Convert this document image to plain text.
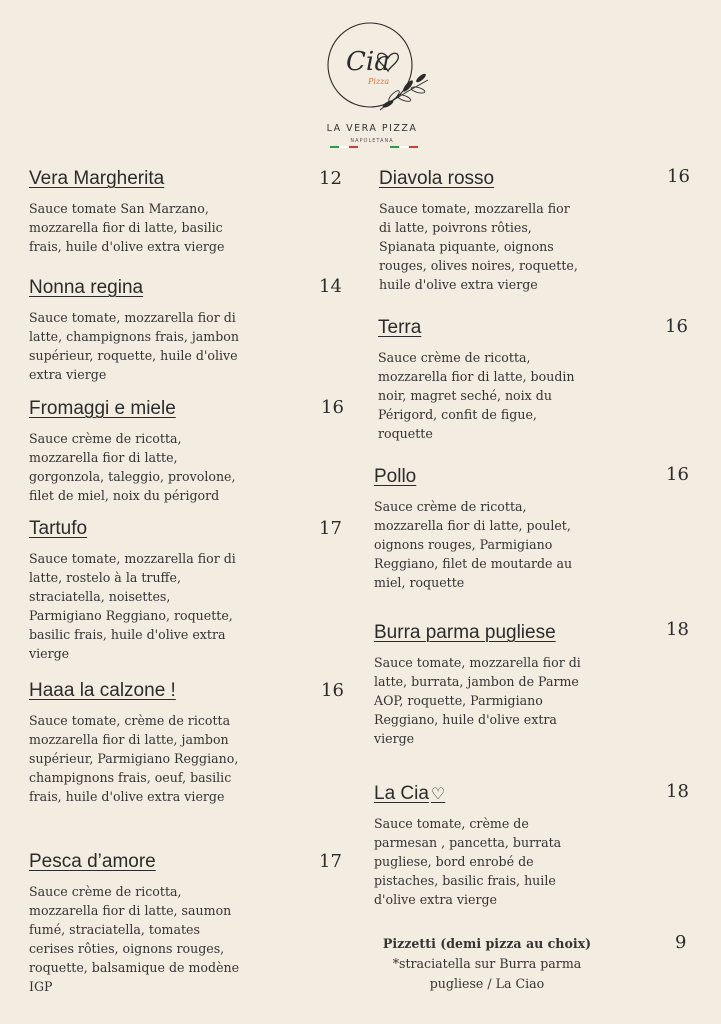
Cia
Pizza
LA VERA PIZZA
NAPOLETANA
Vera Margherita
Sauce tomate San Marzano, mozzarella fior di latte, basilic frais, huile d'olive extra vierge
12
Nonna regina
Sauce tomate, mozzarella fior di latte, champignons frais, jambon supérieur, roquette, huile d'olive extra vierge
14
Fromaggi e miele
Sauce crème de ricotta, mozzarella fior di latte, gorgonzola, taleggio, provolone, filet de miel, noix du périgord
16
Tartufo
Sauce tomate, mozzarella fior di latte, rostelo à la truffe, straciatella, noisettes, Parmigiano Reggiano, roquette, basilic frais, huile d'olive extra vierge
17
Haaa la calzone !
Sauce tomate, crème de ricotta mozzarella fior di latte, jambon supérieur, Parmigiano Reggiano, champignons frais, oeuf, basilic frais, huile d'olive extra vierge
16
Pesca d’amore
Sauce crème de ricotta, mozzarella fior di latte, saumon fumé, straciatella, tomates cerises rôties, oignons rouges, roquette, balsamique de modène IGP
17
Diavola rosso
Sauce tomate, mozzarella fior di latte, poivrons rôties, Spianata piquante, oignons rouges, olives noires, roquette, huile d'olive extra vierge
16
Terra
Sauce crème de ricotta, mozzarella fior di latte, boudin noir, magret seché, noix du Périgord, confit de figue, roquette
16
Pollo
Sauce crème de ricotta, mozzarella fior di latte, poulet, oignons rouges, Parmigiano Reggiano, filet de moutarde au miel, roquette
16
Burra parma pugliese
Sauce tomate, mozzarella fior di latte, burrata, jambon de Parme AOP, roquette, Parmigiano Reggiano, huile d'olive extra vierge
18
La Cia ♡
Sauce tomate, crème de parmesan , pancetta, burrata pugliese, bord enrobé de pistaches, basilic frais, huile d'olive extra vierge
18
Pizzetti (demi pizza au choix)
*straciatella sur Burra parma
pugliese / La Ciao
9
